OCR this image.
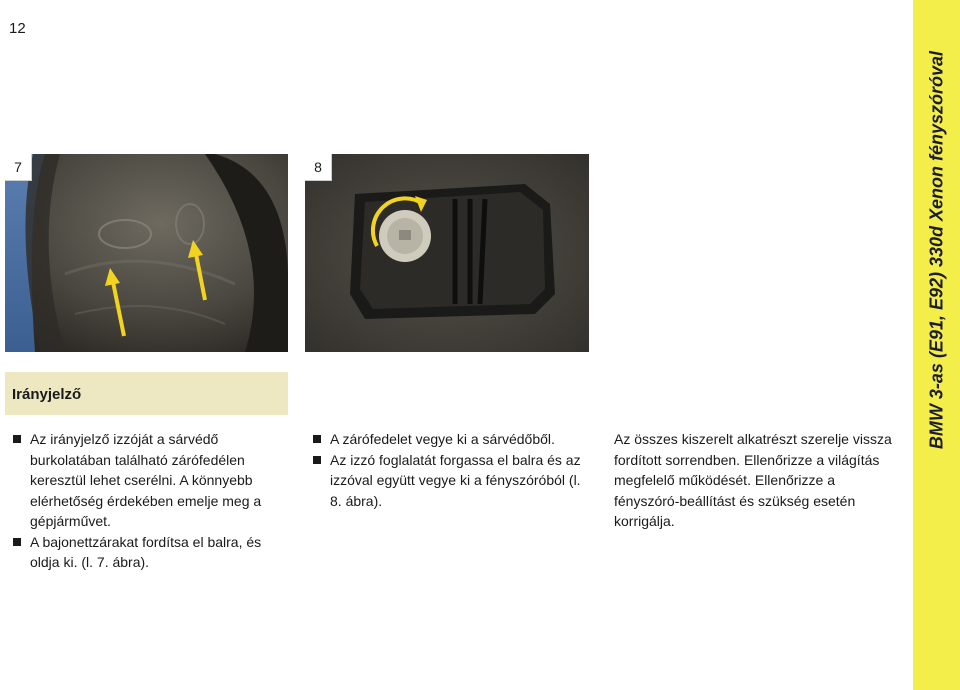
12
7	8
Irányjelző

Az irányjelző izzóját a sárvédő burkolatában található zárófedélen keresztül lehet cserélni. A könnyebb elérhetőség érdekében emelje meg a gépjárművet.

A bajonettzárakat fordítsa el balra, és oldja ki. (l. 7. ábra).

A zárófedelet vegye ki a sárvédőből.

Az izzó foglalatát forgassa el balra és az izzóval együtt vegye ki a fényszóróból (l. 8. ábra).

Az összes kiszerelt alkatrészt szerelje vissza fordított sorrendben. Ellenőrizze a világítás megfelelő működését. Ellenőrizze a fényszóró-beállítást és szükség esetén korrigálja.

BMW 3-as (E91, E92) 330d Xenon fényszóróval
